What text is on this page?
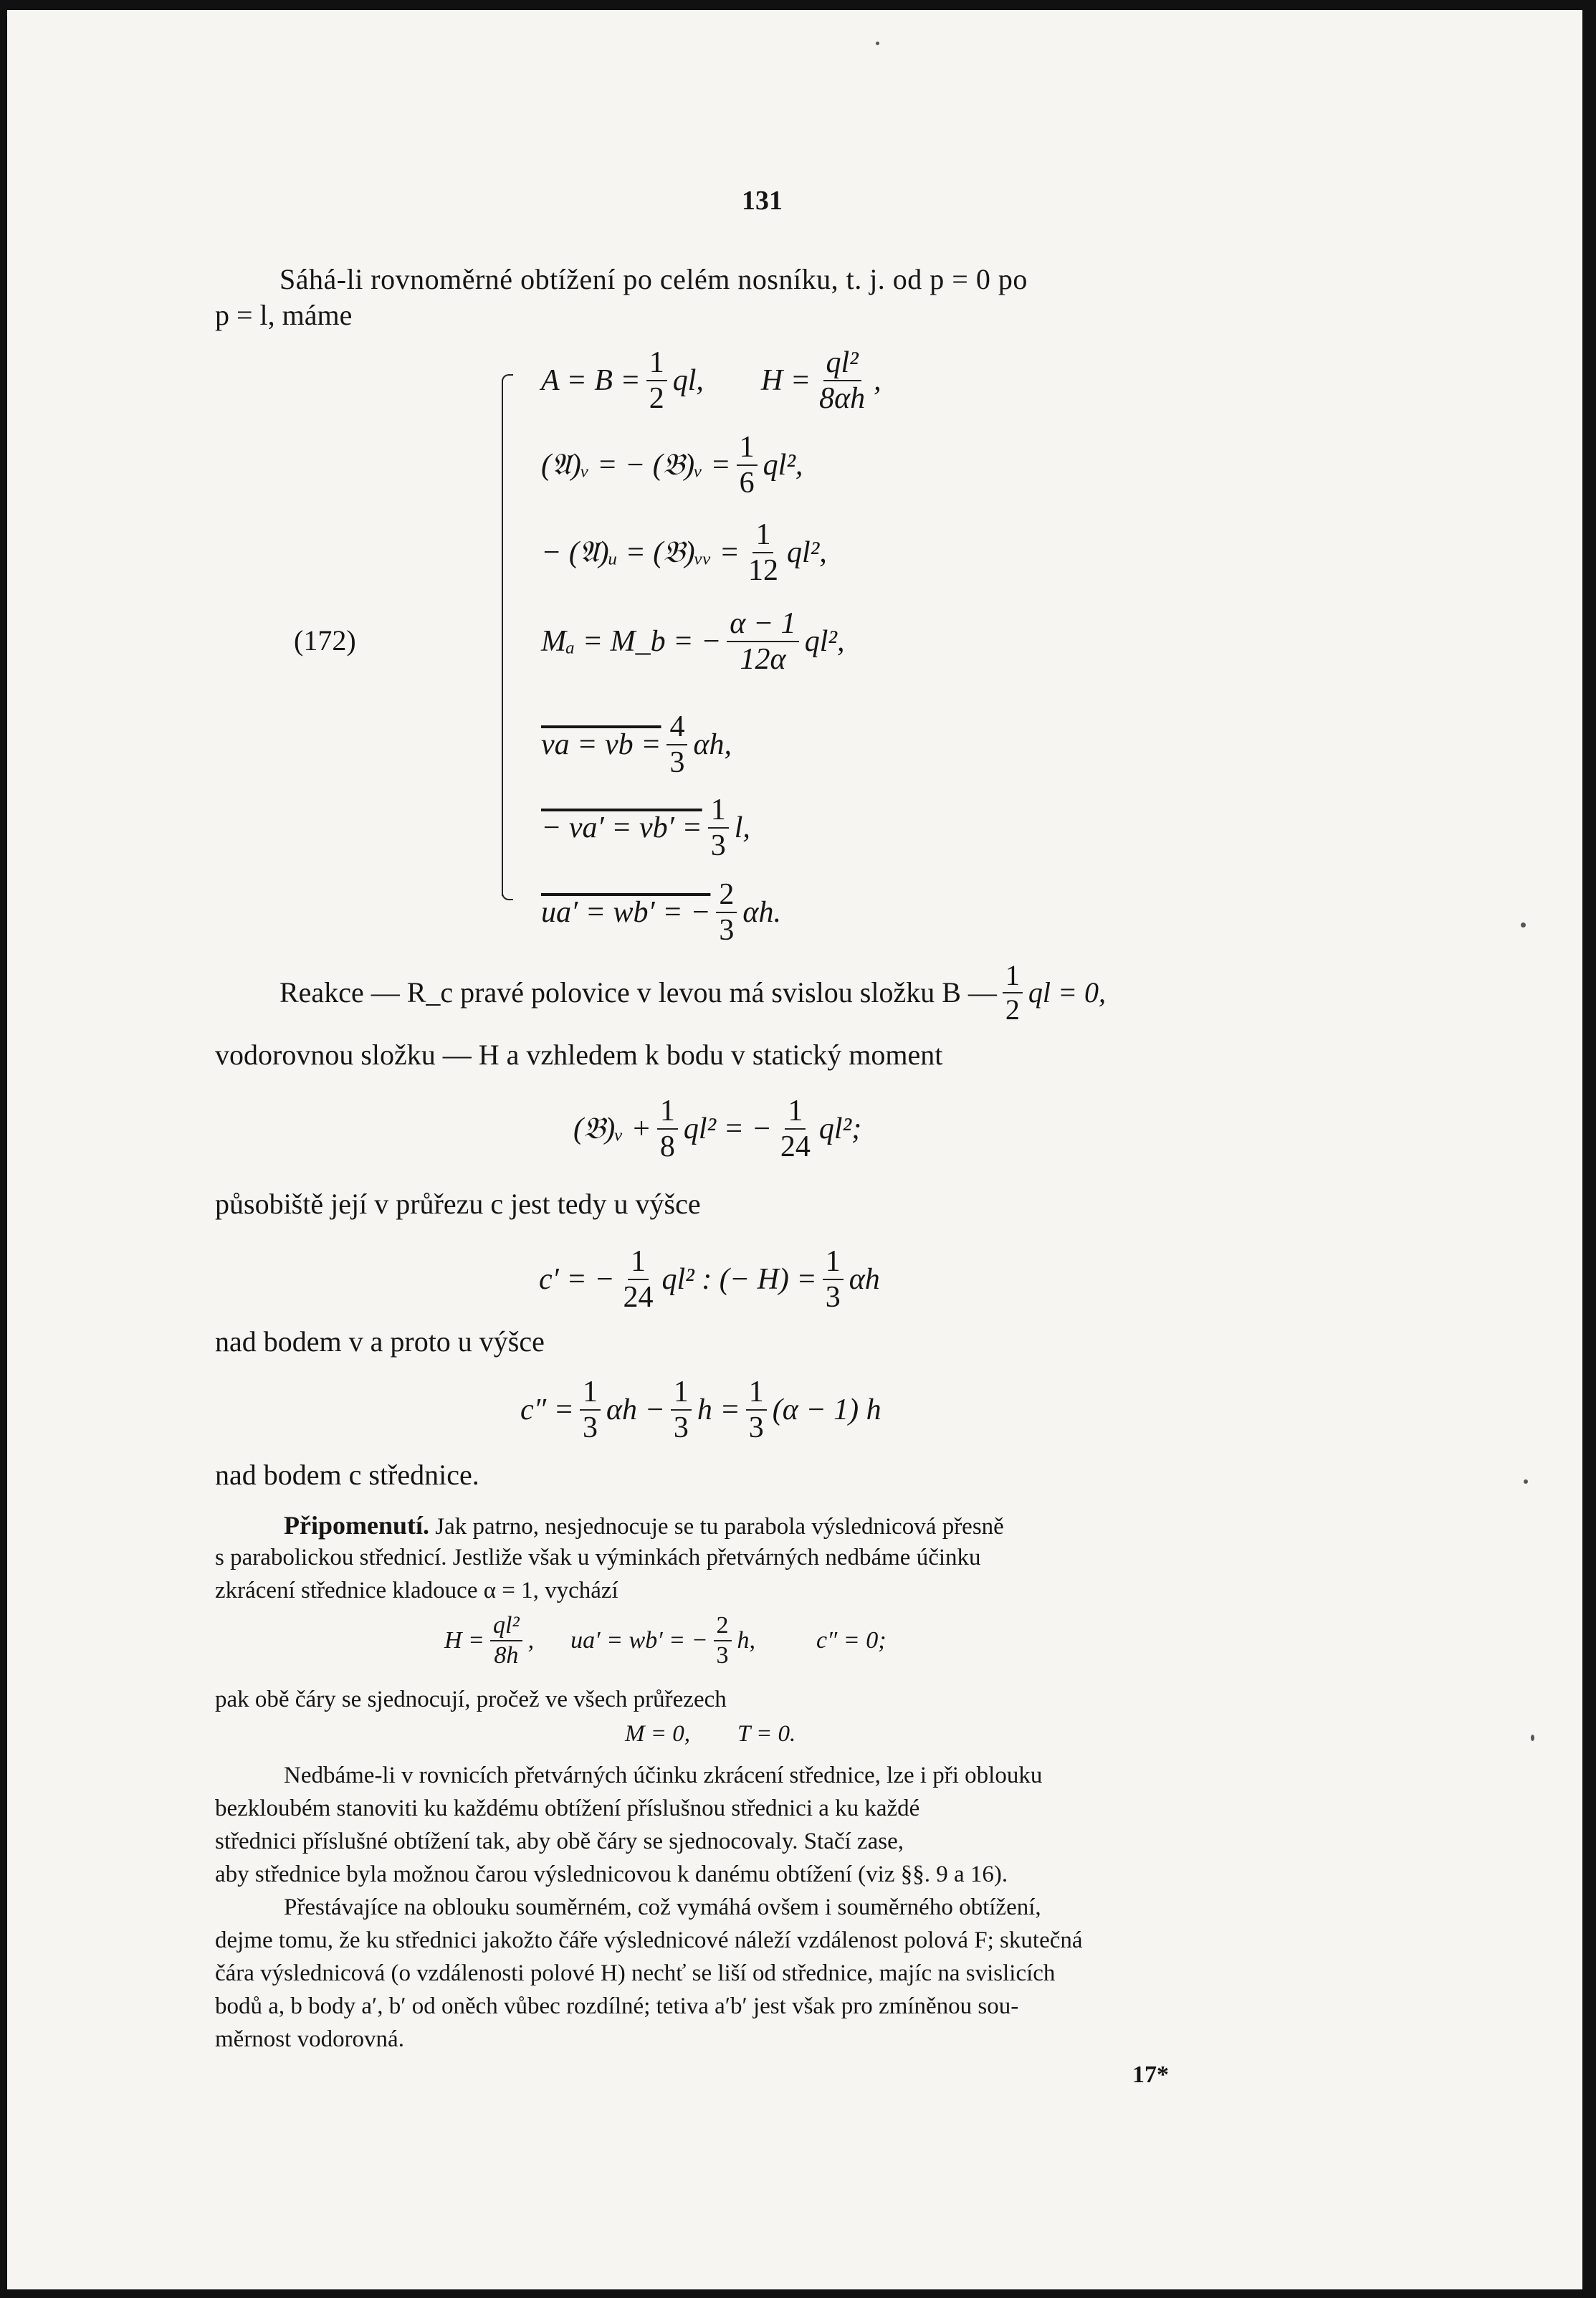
131
Sáhá-li rovnoměrné obtížení po celém nosníku, t. j. od p = 0 po
p = l, máme
(172)
$A = B = \frac{1}{2}$ ql, $H = \frac{\text{ql²}}{8\alpha h}$ ,
(𝔄)ᵥ = − (𝔅)ᵥ = $\frac{1}{6} ql^2$,
− (𝔄)ᵤ = (𝔅)ᵥᵥ = $\frac{1}{12} ql^2$,
Mₐ = M_b = − $\frac{\alpha - 1}{12\alpha} ql^2$,
va = vb = $\frac{4}{3} \alpha h$,
− $va' = vb' = \frac{1}{3} l$,
ua′ = wb′ = − $\frac{2}{3} \alpha h$.
Reakce — R_c pravé polovice v levou má svislou složku B — $\frac{1}{2}$ ql = 0,
vodorovnou složku — H a vzhledem k bodu v statický moment
(𝔅)ᵥ + $\frac{1}{8} ql^2$ = − $\frac{1}{24} ql^2$;
působiště její v průřezu c jest tedy u výšce
c′ = − $\frac{1}{24} ql^2$ : (− $H) = \frac{1}{3}$ αh
nad bodem v a proto u výšce
$c'' = \frac{1}{3}$ $\alpha h - \frac{1}{3}$ $h = \frac{1}{3} (\alpha - 1)$ h
nad bodem c střednice.
Připomenutí. Jak patrno, nesjednocuje se tu parabola výslednicová přesně
s parabolickou střednicí. Jestliže však u výminkách přetvárných nedbáme účinku
zkrácení střednice kladouce α = 1, vychází
$H = \frac{\text{ql²}}{8h}$ ,      ua′ = wb′ = − $\frac{2}{3} h$,          c″ = 0;
pak obě čáry se sjednocují, pročež ve všech průřezech
M = 0,        T = 0.
Nedbáme-li v rovnicích přetvárných účinku zkrácení střednice, lze i při oblouku
bezkloubém stanoviti ku každému obtížení příslušnou střednici a ku každé
střednici příslušné obtížení tak, aby obě čáry se sjednocovaly. Stačí zase,
aby střednice byla možnou čarou výslednicovou k danému obtížení (viz §§. 9 a 16).
Přestávajíce na oblouku souměrném, což vymáhá ovšem i souměrného obtížení,
dejme tomu, že ku střednici jakožto čáře výslednicové náleží vzdálenost polová F; skutečná
čára výslednicová (o vzdálenosti polové H) nechť se liší od střednice, majíc na svislicích
bodů a, b body a′, b′ od oněch vůbec rozdílné; tetiva a′b′ jest však pro zmíněnou sou-
měrnost vodorovná.
17*
